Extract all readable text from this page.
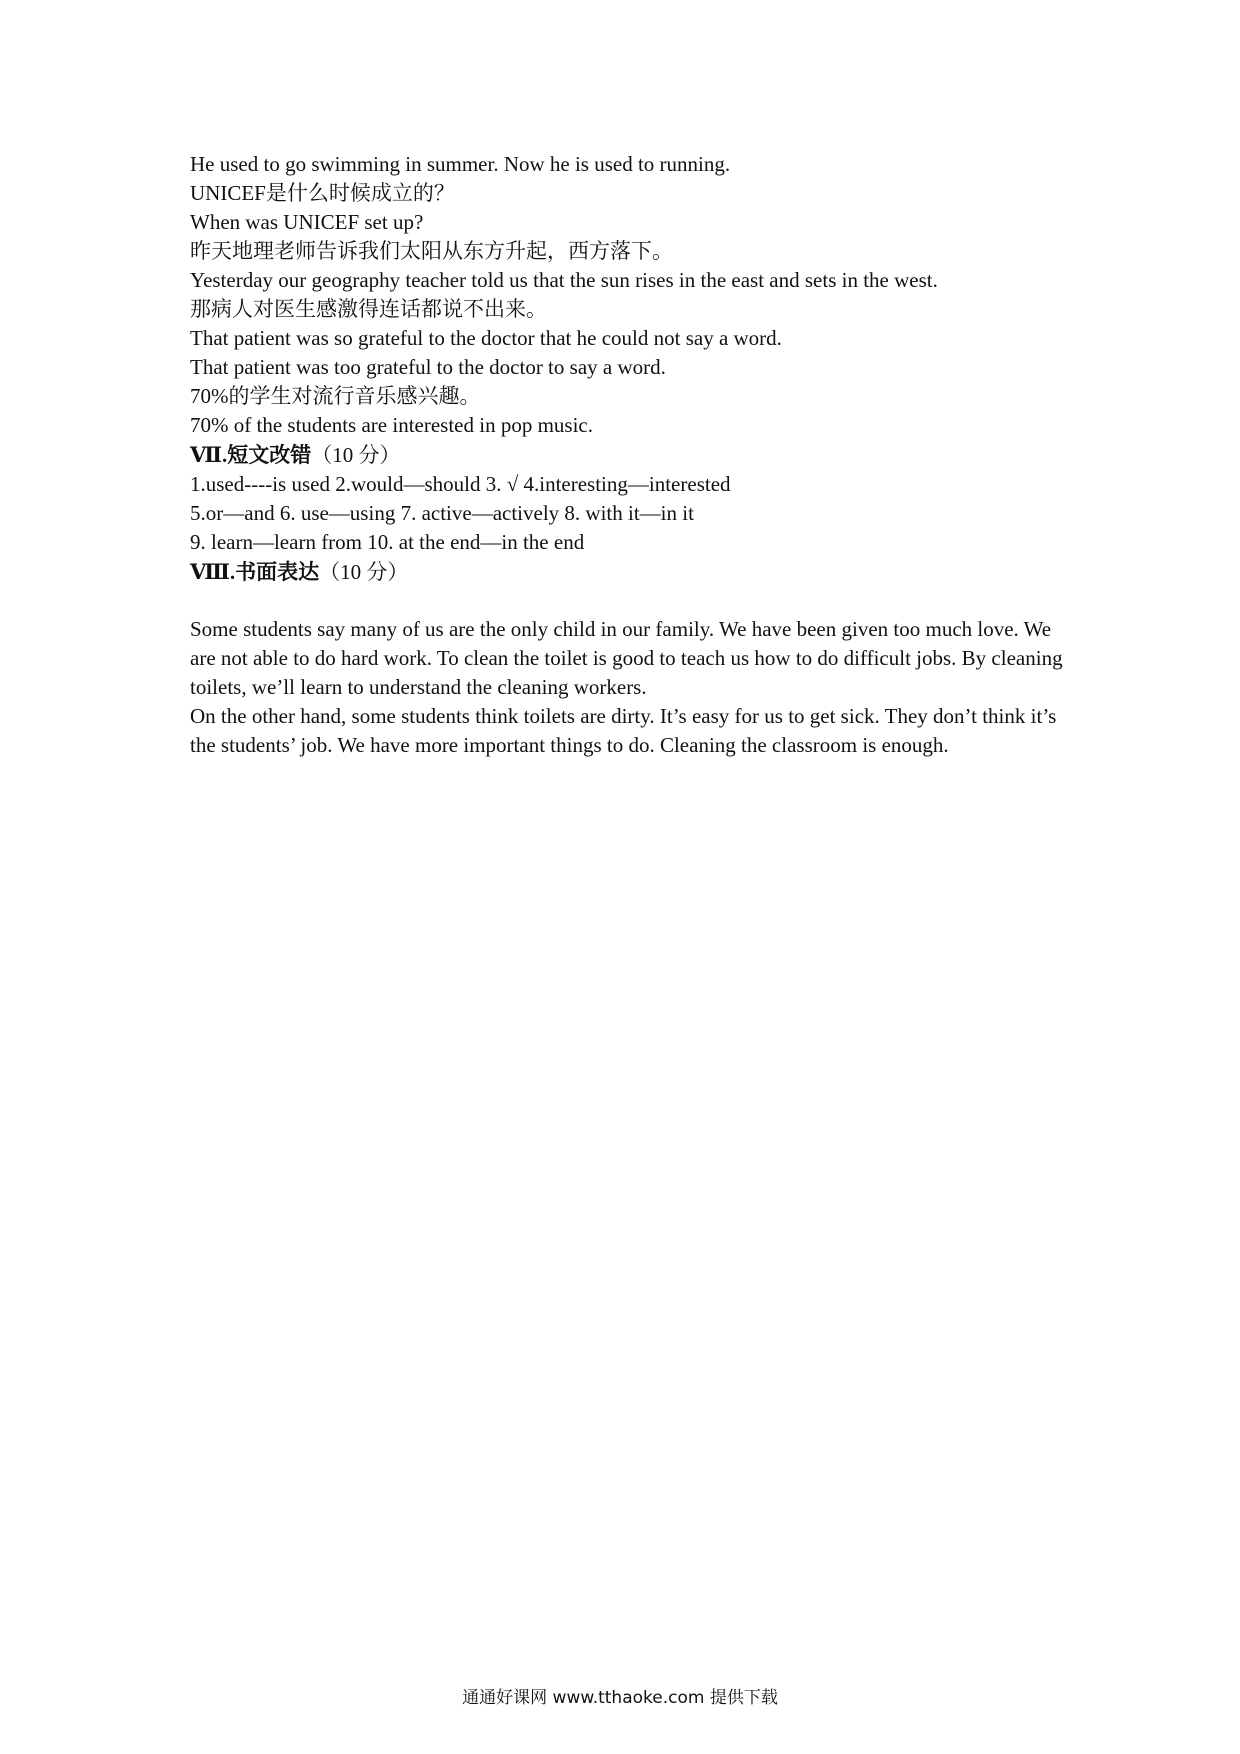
He used to go swimming in summer. Now he is used to running.
UNICEF是什么时候成立的？
When was UNICEF set up?
昨天地理老师告诉我们太阳从东方升起，西方落下。
Yesterday our geography teacher told us that the sun rises in the east and sets in the west.
那病人对医生感激得连话都说不出来。
That patient was so grateful to the doctor that he could not say a word.
That patient was too grateful to the doctor to say a word.
70%的学生对流行音乐感兴趣。
70% of the students are interested in pop music.
Ⅶ.短文改错（10 分）
1.used----is used 2.would—should 3. √ 4.interesting—interested
5.or—and 6. use—using 7. active—actively 8. with it—in it
9. learn—learn from 10. at the end—in the end
Ⅷ.书面表达（10 分）
Some students say many of us are the only child in our family. We have been given too much love. We are not able to do hard work. To clean the toilet is good to teach us how to do difficult jobs. By cleaning toilets, we’ll learn to understand the cleaning workers.
On the other hand, some students think toilets are dirty. It’s easy for us to get sick. They don’t think it’s the students’ job. We have more important things to do. Cleaning the classroom is enough.
通通好课网 www.tthaoke.com 提供下载
